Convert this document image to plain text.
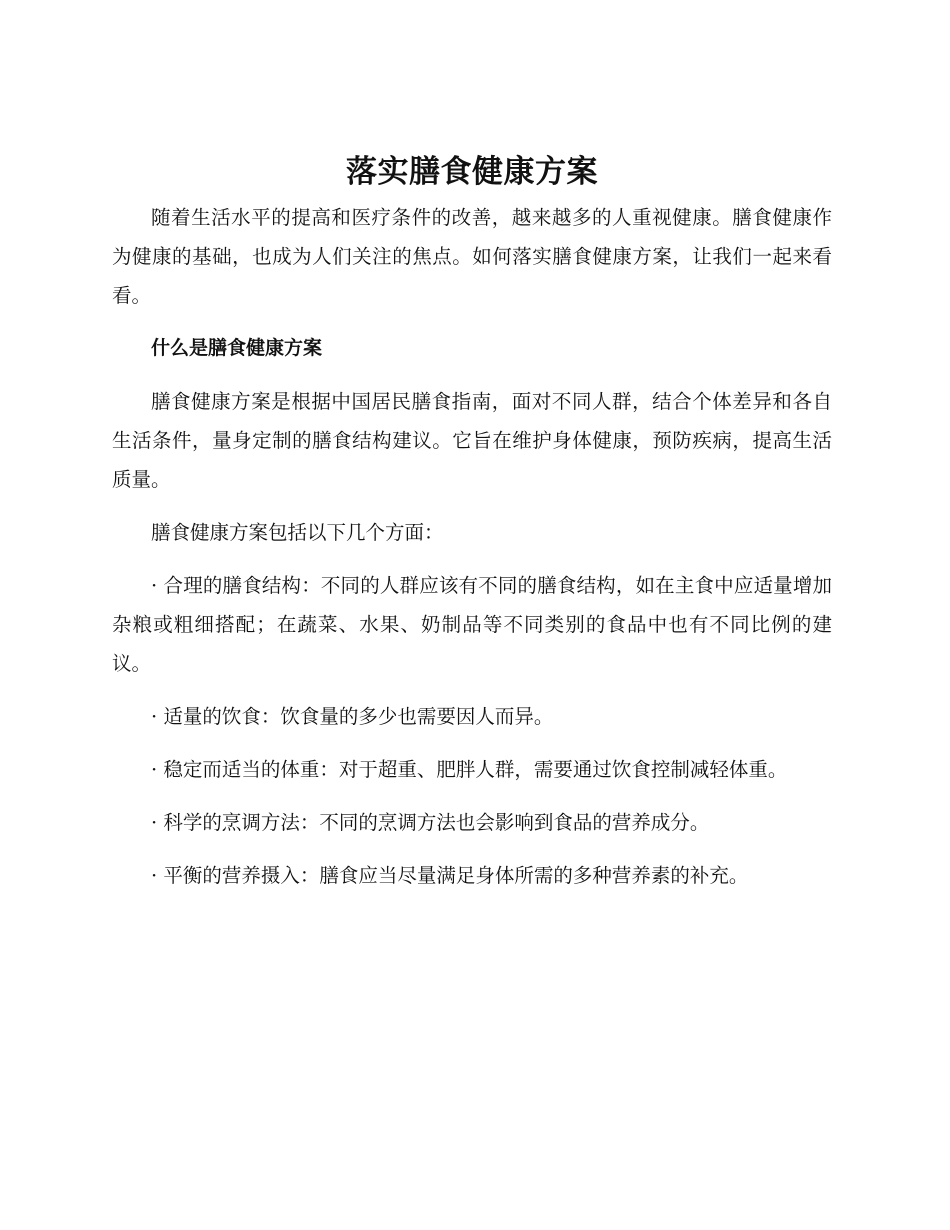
落实膳食健康方案

随着生活水平的提高和医疗条件的改善，越来越多的人重视健康。膳食健康作为健康的基础，也成为人们关注的焦点。如何落实膳食健康方案，让我们一起来看看。

什么是膳食健康方案

膳食健康方案是根据中国居民膳食指南，面对不同人群，结合个体差异和各自生活条件，量身定制的膳食结构建议。它旨在维护身体健康，预防疾病，提高生活质量。

膳食健康方案包括以下几个方面：

· 合理的膳食结构：不同的人群应该有不同的膳食结构，如在主食中应适量增加杂粮或粗细搭配；在蔬菜、水果、奶制品等不同类别的食品中也有不同比例的建议。

· 适量的饮食：饮食量的多少也需要因人而异。

· 稳定而适当的体重：对于超重、肥胖人群，需要通过饮食控制减轻体重。

· 科学的烹调方法：不同的烹调方法也会影响到食品的营养成分。

· 平衡的营养摄入：膳食应当尽量满足身体所需的多种营养素的补充。
